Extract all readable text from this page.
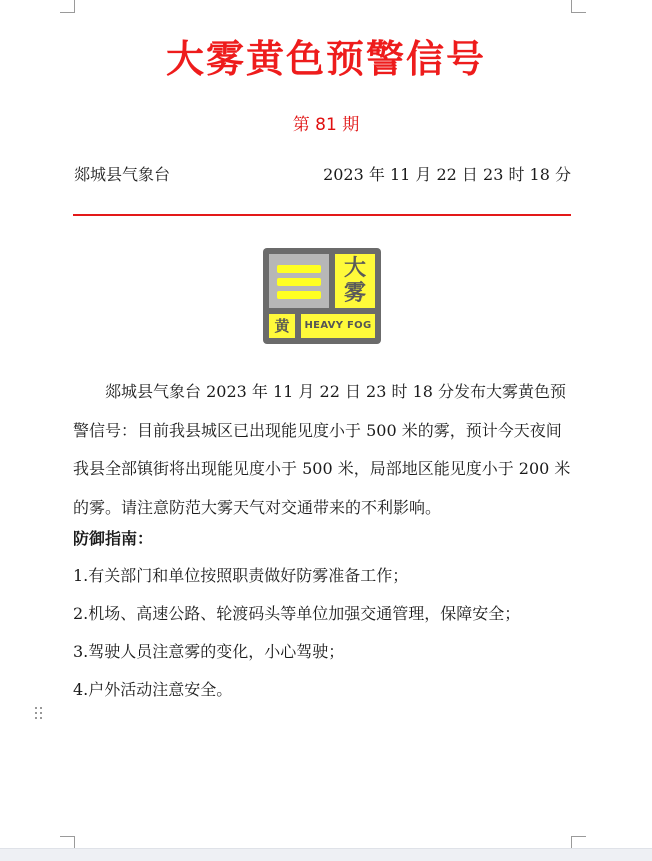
大雾黄色预警信号
第 81 期
郯城县气象台	2023 年 11 月 22 日 23 时 18 分
大
雾
黄	HEAVY FOG

郯城县气象台 2023 年 11 月 22 日 23 时 18 分发布大雾黄色预警信号：目前我县城区已出现能见度小于 500 米的雾，预计今天夜间我县全部镇街将出现能见度小于 500 米，局部地区能见度小于 200 米的雾。请注意防范大雾天气对交通带来的不利影响。

防御指南：
1.有关部门和单位按照职责做好防雾准备工作；
2.机场、高速公路、轮渡码头等单位加强交通管理，保障安全；
3.驾驶人员注意雾的变化，小心驾驶；
4.户外活动注意安全。
